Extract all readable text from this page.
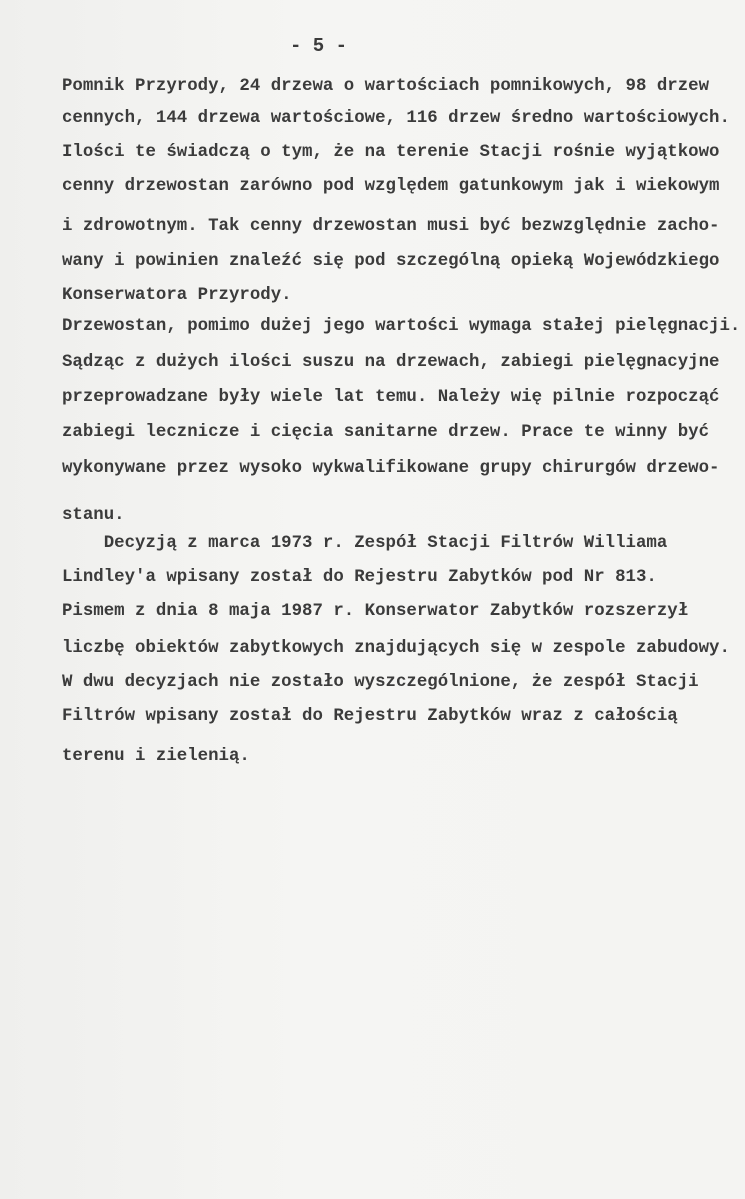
- 5 -
Pomnik Przyrody, 24 drzewa o wartościach pomnikowych, 98 drzew
cennych, 144 drzewa wartościowe, 116 drzew średno wartościowych.
Ilości te świadczą o tym, że na terenie Stacji rośnie wyjątkowo
cenny drzewostan zarówno pod względem gatunkowym jak i wiekowym
i zdrowotnym. Tak cenny drzewostan musi być bezwzględnie zacho-
wany i powinien znaleźć się pod szczególną opieką Wojewódzkiego
Konserwatora Przyrody.
Drzewostan, pomimo dużej jego wartości wymaga stałej pielęgnacji.
Sądząc z dużych ilości suszu na drzewach, zabiegi pielęgnacyjne
przeprowadzane były wiele lat temu. Należy wię pilnie rozpocząć
zabiegi lecznicze i cięcia sanitarne drzew. Prace te winny być
wykonywane przez wysoko wykwalifikowane grupy chirurgów drzewo-
stanu.
Decyzją z marca 1973 r. Zespół Stacji Filtrów Williama
Lindley'a wpisany został do Rejestru Zabytków pod Nr 813.
Pismem z dnia 8 maja 1987 r. Konserwator Zabytków rozszerzył
liczbę obiektów zabytkowych znajdujących się w zespole zabudowy.
W dwu decyzjach nie zostało wyszczególnione, że zespół Stacji
Filtrów wpisany został do Rejestru Zabytków wraz z całością
terenu i zielenią.
